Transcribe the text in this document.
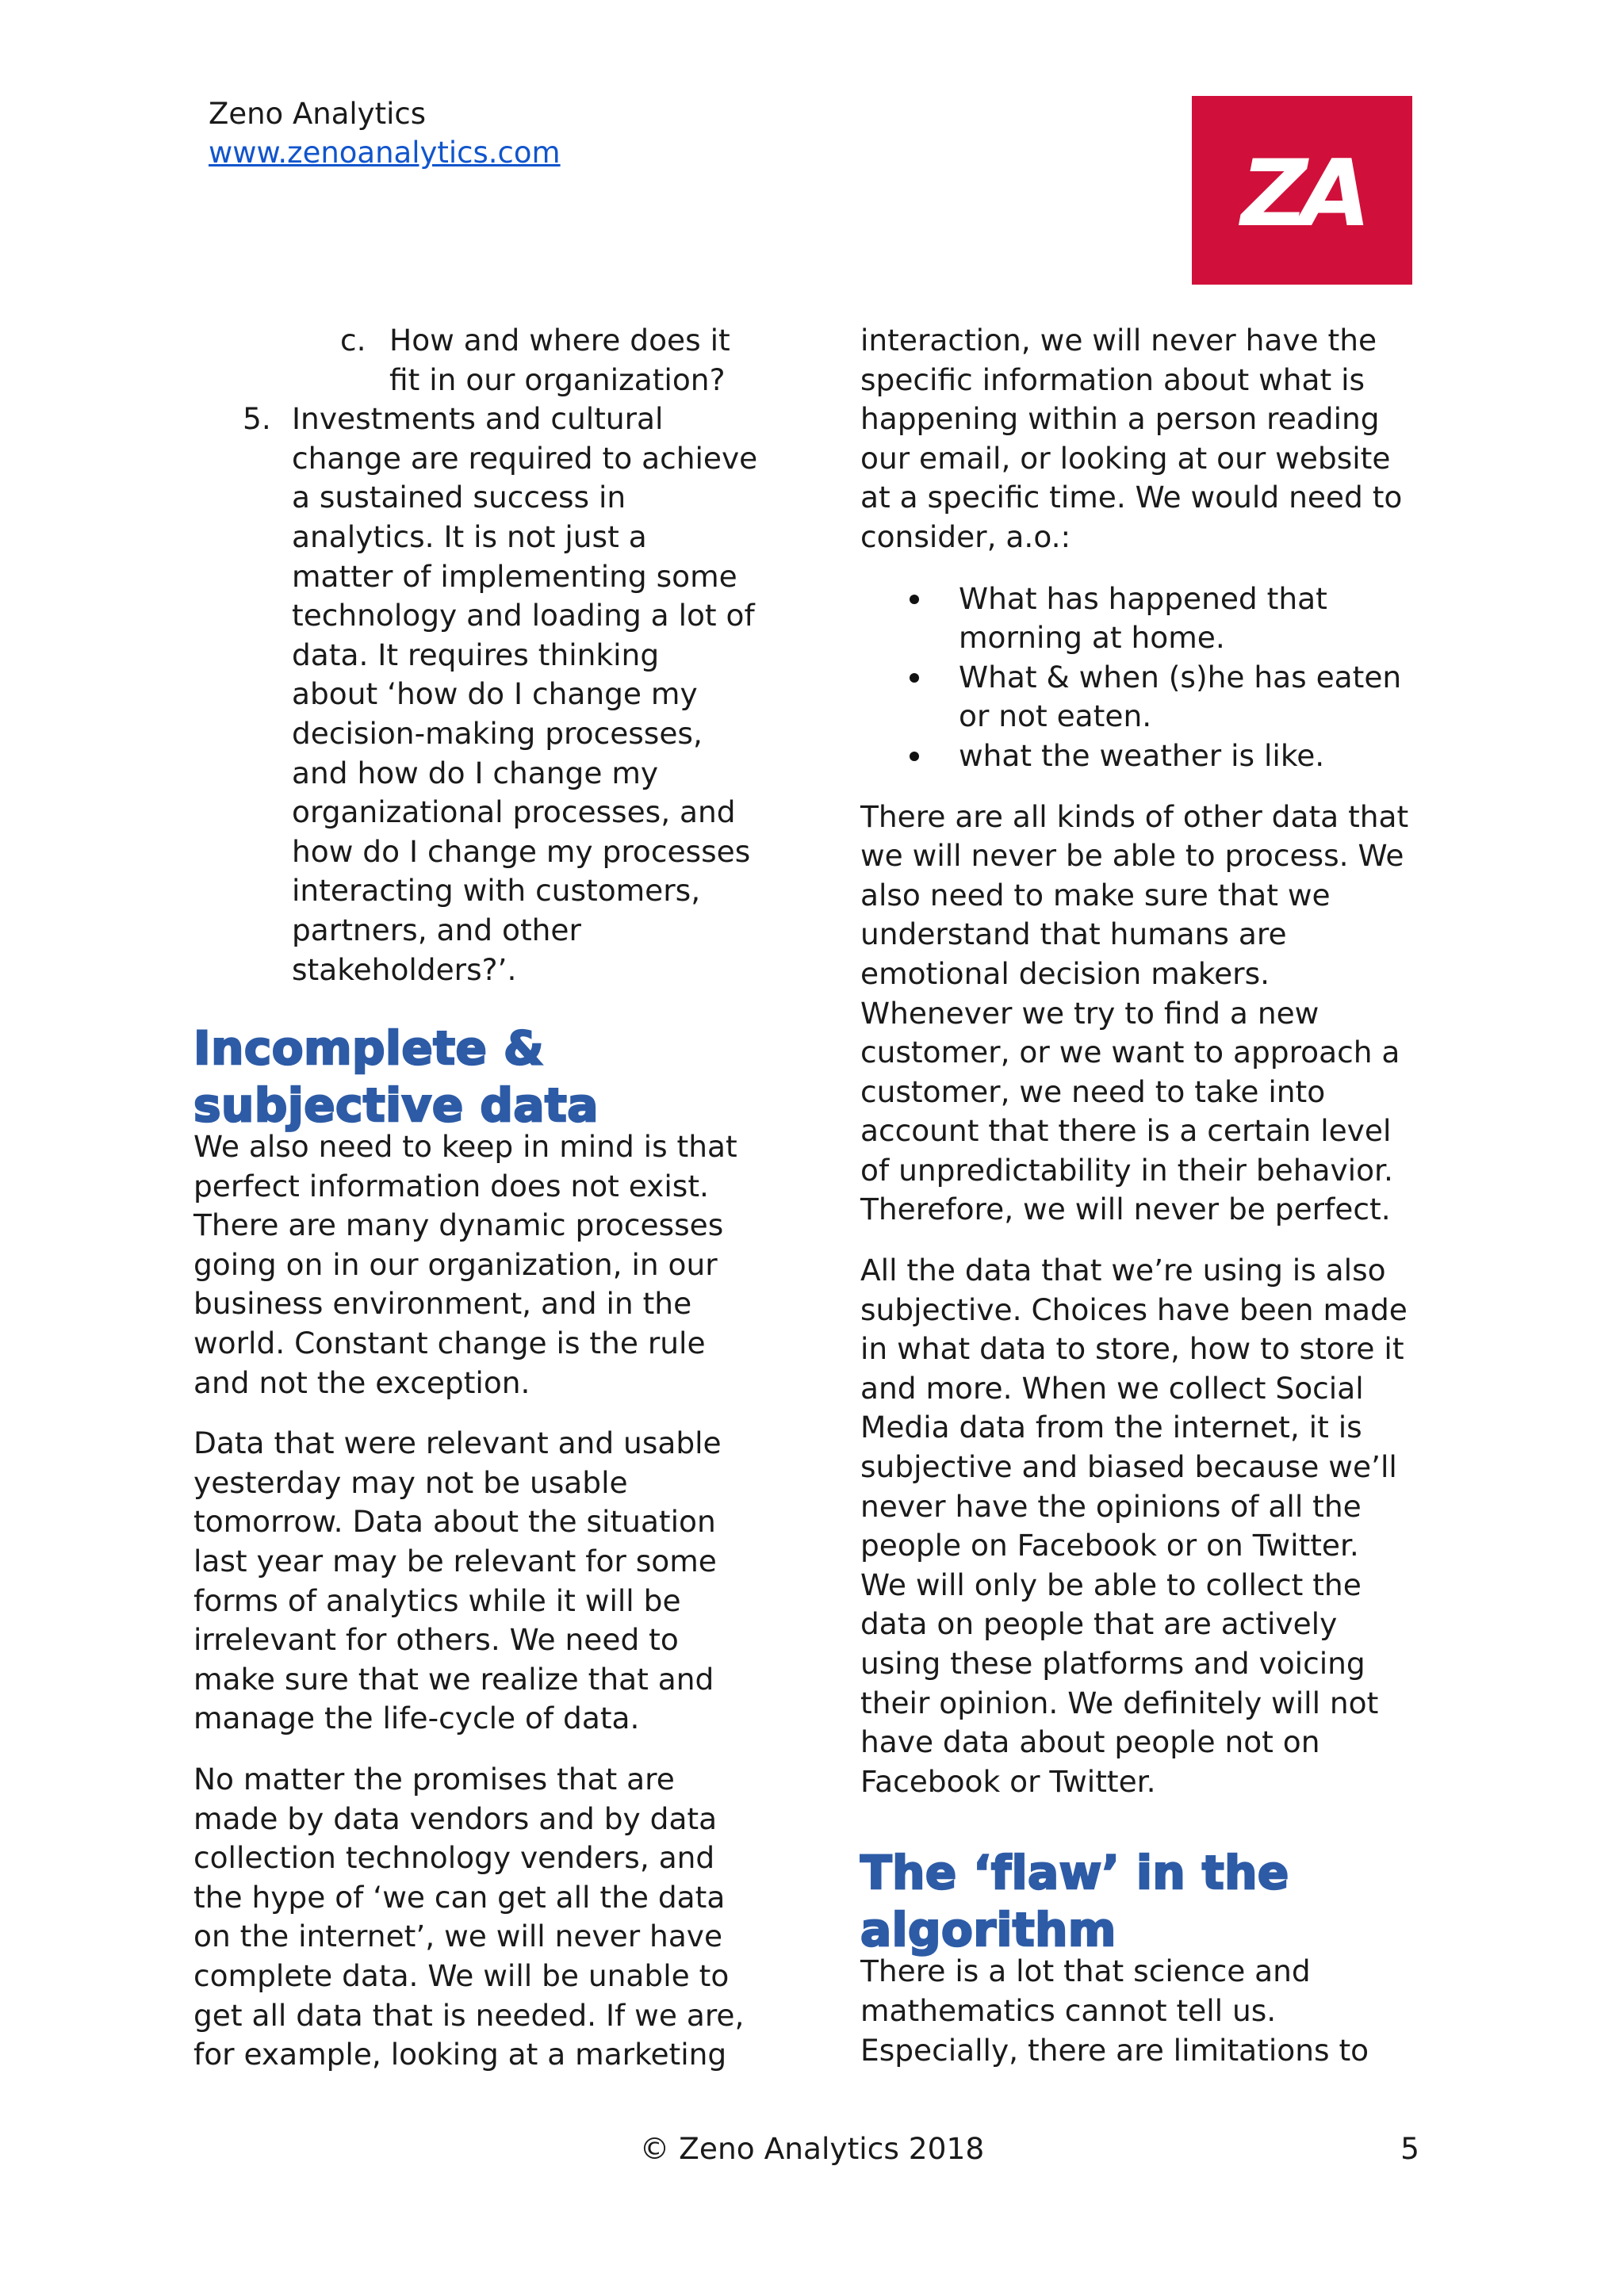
Zeno Analytics
www.zenoanalytics.com	ZA
c. How and where does it
fit in our organization?
5. Investments and cultural
change are required to achieve
a sustained success in
analytics. It is not just a
matter of implementing some
technology and loading a lot of
data. It requires thinking
about ‘how do I change my
decision-making processes,
and how do I change my
organizational processes, and
how do I change my processes
interacting with customers,
partners, and other
stakeholders?’.
Incomplete &
subjective data

We also need to keep in mind is that
perfect information does not exist.
There are many dynamic processes
going on in our organization, in our
business environment, and in the
world. Constant change is the rule
and not the exception.

Data that were relevant and usable
yesterday may not be usable
tomorrow. Data about the situation
last year may be relevant for some
forms of analytics while it will be
irrelevant for others. We need to
make sure that we realize that and
manage the life-cycle of data.

No matter the promises that are
made by data vendors and by data
collection technology venders, and
the hype of ‘we can get all the data
on the internet’, we will never have
complete data. We will be unable to
get all data that is needed. If we are,
for example, looking at a marketing

interaction, we will never have the
specific information about what is
happening within a person reading
our email, or looking at our website
at a specific time. We would need to
consider, a.o.:

What has happened that
morning at home.
What & when (s)he has eaten
or not eaten.
what the weather is like.

There are all kinds of other data that
we will never be able to process. We
also need to make sure that we
understand that humans are
emotional decision makers.
Whenever we try to find a new
customer, or we want to approach a
customer, we need to take into
account that there is a certain level
of unpredictability in their behavior.
Therefore, we will never be perfect.

All the data that we’re using is also
subjective. Choices have been made
in what data to store, how to store it
and more. When we collect Social
Media data from the internet, it is
subjective and biased because we’ll
never have the opinions of all the
people on Facebook or on Twitter.
We will only be able to collect the
data on people that are actively
using these platforms and voicing
their opinion. We definitely will not
have data about people not on
Facebook or Twitter.

The ‘flaw’ in the
algorithm

There is a lot that science and
mathematics cannot tell us.
Especially, there are limitations to

© Zeno Analytics 2018	5
